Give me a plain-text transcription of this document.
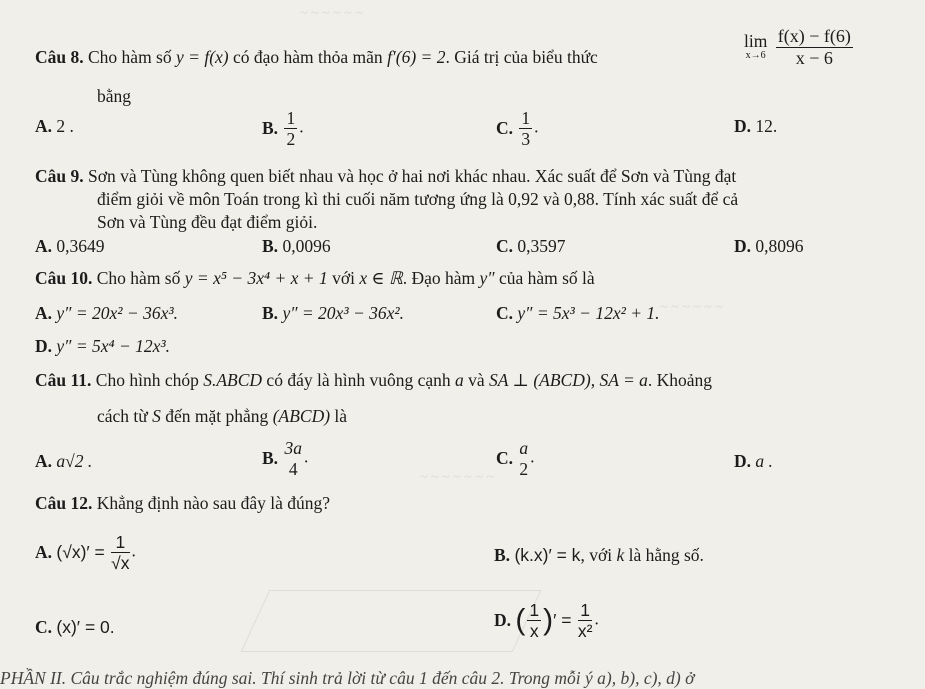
~ ~ ~ ~ ~ ~
~ ~ ~ ~ ~ ~
~ ~ ~ ~ ~ ~ ~
Câu 8. Cho hàm số y = f(x) có đạo hàm thỏa mãn f′(6) = 2. Giá trị của biểu thức
lim
x→6
$\frac{f(x) - f(6)}{x - 6}$
bằng
A. 2 .	B. $\frac{1}{2}$ .	C. $\frac{1}{3}$ .	D. 12.
Câu 9. Sơn và Tùng không quen biết nhau và học ở hai nơi khác nhau. Xác suất để Sơn và Tùng đạt
điểm giỏi về môn Toán trong kì thi cuối năm tương ứng là 0,92 và 0,88. Tính xác suất để cả
Sơn và Tùng đều đạt điểm giỏi.
A. 0,3649	B. 0,0096	C. 0,3597	D. 0,8096
Câu 10. Cho hàm số y = x⁵ − 3x⁴ + x + 1 với x ∈ ℝ. Đạo hàm y″ của hàm số là
A. y″ = 20x² − 36x³.	B. y″ = 20x³ − 36x².	C. y″ = 5x³ − 12x² + 1.
D. y″ = 5x⁴ − 12x³.
Câu 11. Cho hình chóp S.ABCD có đáy là hình vuông cạnh a và SA ⊥ (ABCD), SA = a. Khoảng
cách từ S đến mặt phẳng (ABCD) là
A. a√2 .	B. 3a
4
.	C. a
2
.	D. a .
Câu 12. Khẳng định nào sau đây là đúng?
A. $(√x)' = \frac{1}{√x}$ .	B. (k.x)′ = k, với k là hằng số.
C. (x)′ = 0.	D. ( $\frac{1}{x}$ )′ = $\frac{1}{\text{x²}}$ .
PHẦN II. Câu trắc nghiệm đúng sai. Thí sinh trả lời từ câu 1 đến câu 2. Trong mỗi ý a), b), c), d) ở
